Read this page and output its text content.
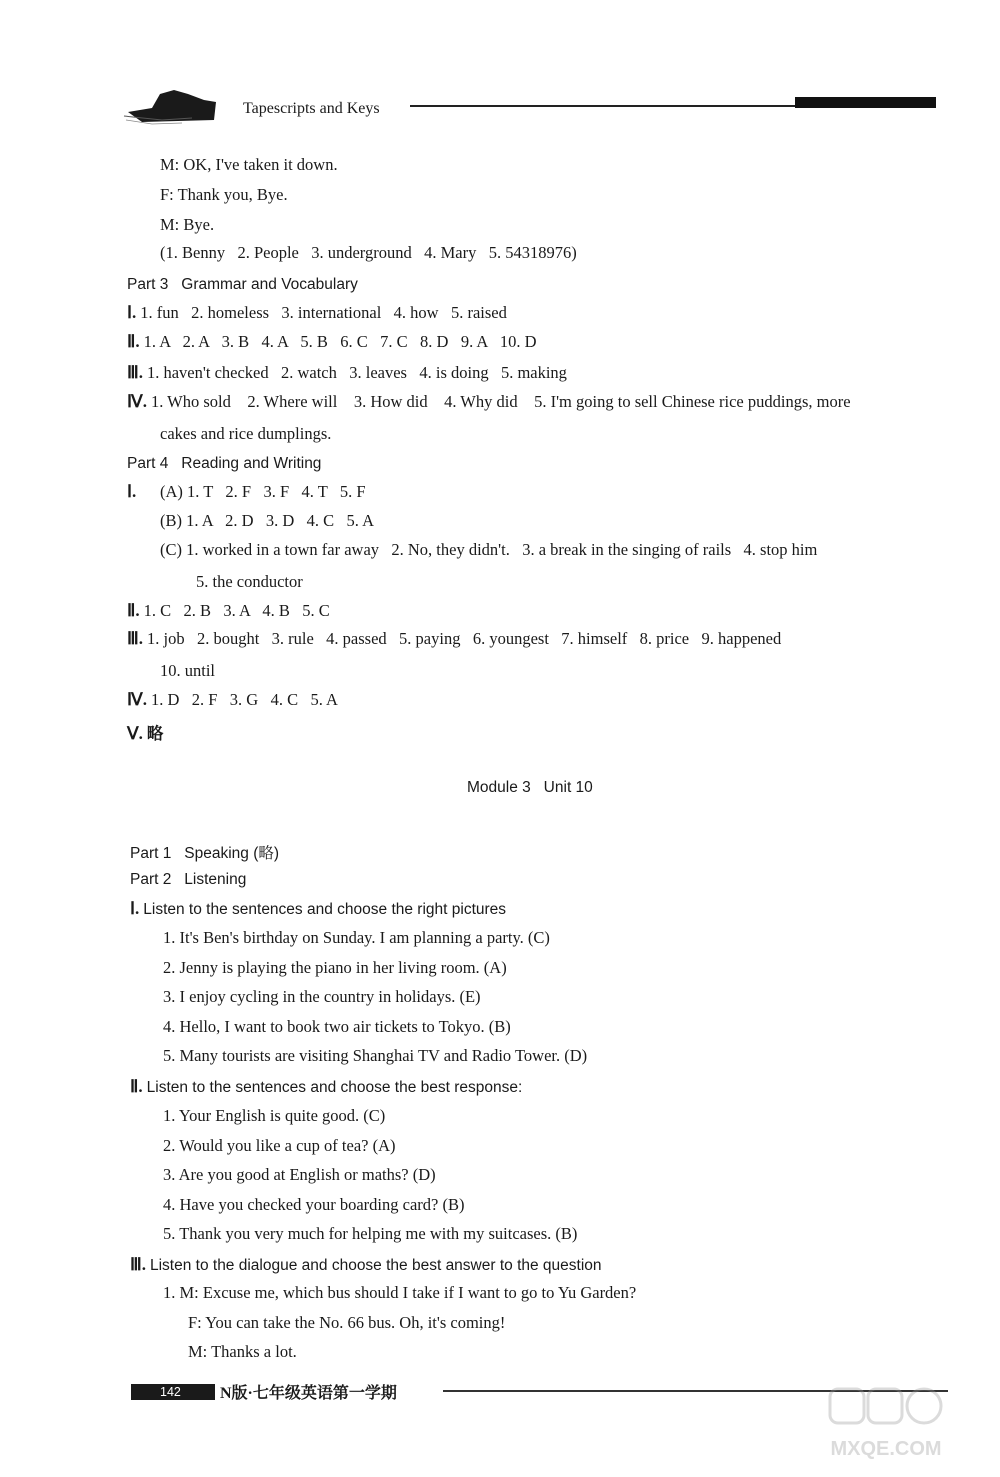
Tapescripts and Keys
M: OK, I've taken it down.
F: Thank you, Bye.
M: Bye.
(1. Benny   2. People   3. underground   4. Mary   5. 54318976)
Part 3   Grammar and Vocabulary
Ⅰ. 1. fun   2. homeless   3. international   4. how   5. raised
Ⅱ. 1. A   2. A   3. B   4. A   5. B   6. C   7. C   8. D   9. A   10. D
Ⅲ. 1. haven't checked   2. watch   3. leaves   4. is doing   5. making
Ⅳ. 1. Who sold    2. Where will    3. How did    4. Why did    5. I'm going to sell Chinese rice puddings, more
cakes and rice dumplings.
Part 4   Reading and Writing
Ⅰ. (A) 1. T   2. F   3. F   4. T   5. F
(B) 1. A   2. D   3. D   4. C   5. A
(C) 1. worked in a town far away   2. No, they didn't.   3. a break in the singing of rails   4. stop him
5. the conductor
Ⅱ. 1. C   2. B   3. A   4. B   5. C
Ⅲ. 1. job   2. bought   3. rule   4. passed   5. paying   6. youngest   7. himself   8. price   9. happened
10. until
Ⅳ. 1. D   2. F   3. G   4. C   5. A
Ⅴ. 略
Module 3   Unit 10
Part 1   Speaking (略)
Part 2   Listening
Ⅰ. Listen to the sentences and choose the right pictures
1. It's Ben's birthday on Sunday. I am planning a party. (C)
2. Jenny is playing the piano in her living room. (A)
3. I enjoy cycling in the country in holidays. (E)
4. Hello, I want to book two air tickets to Tokyo. (B)
5. Many tourists are visiting Shanghai TV and Radio Tower. (D)
Ⅱ. Listen to the sentences and choose the best response:
1. Your English is quite good. (C)
2. Would you like a cup of tea? (A)
3. Are you good at English or maths? (D)
4. Have you checked your boarding card? (B)
5. Thank you very much for helping me with my suitcases. (B)
Ⅲ. Listen to the dialogue and choose the best answer to the question
1. M: Excuse me, which bus should I take if I want to go to Yu Garden?
F: You can take the No. 66 bus. Oh, it's coming!
M: Thanks a lot.
142 N版·七年级英语第一学期
MXQE.COM
